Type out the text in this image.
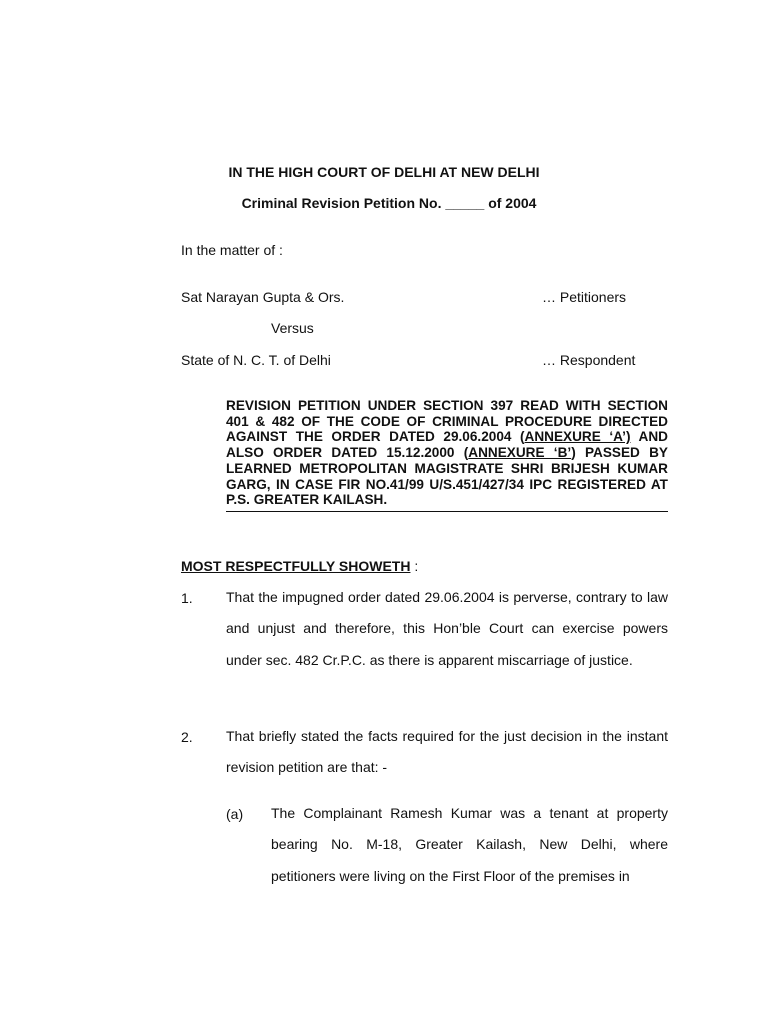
IN THE HIGH COURT OF DELHI AT NEW DELHI

Criminal Revision Petition No. _____ of 2004

In the matter of :

Sat Narayan Gupta & Ors.	… Petitioners

Versus

State of N. C. T. of Delhi	… Respondent

REVISION PETITION UNDER SECTION 397 READ WITH SECTION 401 & 482 OF THE CODE OF CRIMINAL PROCEDURE DIRECTED AGAINST THE ORDER DATED 29.06.2004 (ANNEXURE ‘A’) AND ALSO ORDER DATED 15.12.2000 (ANNEXURE ‘B’) PASSED BY LEARNED METROPOLITAN MAGISTRATE SHRI BRIJESH KUMAR GARG, IN CASE FIR NO.41/99 U/S.451/427/34 IPC REGISTERED AT P.S. GREATER KAILASH.

MOST RESPECTFULLY SHOWETH :

1. That the impugned order dated 29.06.2004 is perverse, contrary to law and unjust and therefore, this Hon’ble Court can exercise powers under sec. 482 Cr.P.C. as there is apparent miscarriage of justice.

2. That briefly stated the facts required for the just decision in the instant revision petition are that: -

(a) The Complainant Ramesh Kumar was a tenant at property bearing No. M-18, Greater Kailash, New Delhi, where petitioners were living on the First Floor of the premises in
